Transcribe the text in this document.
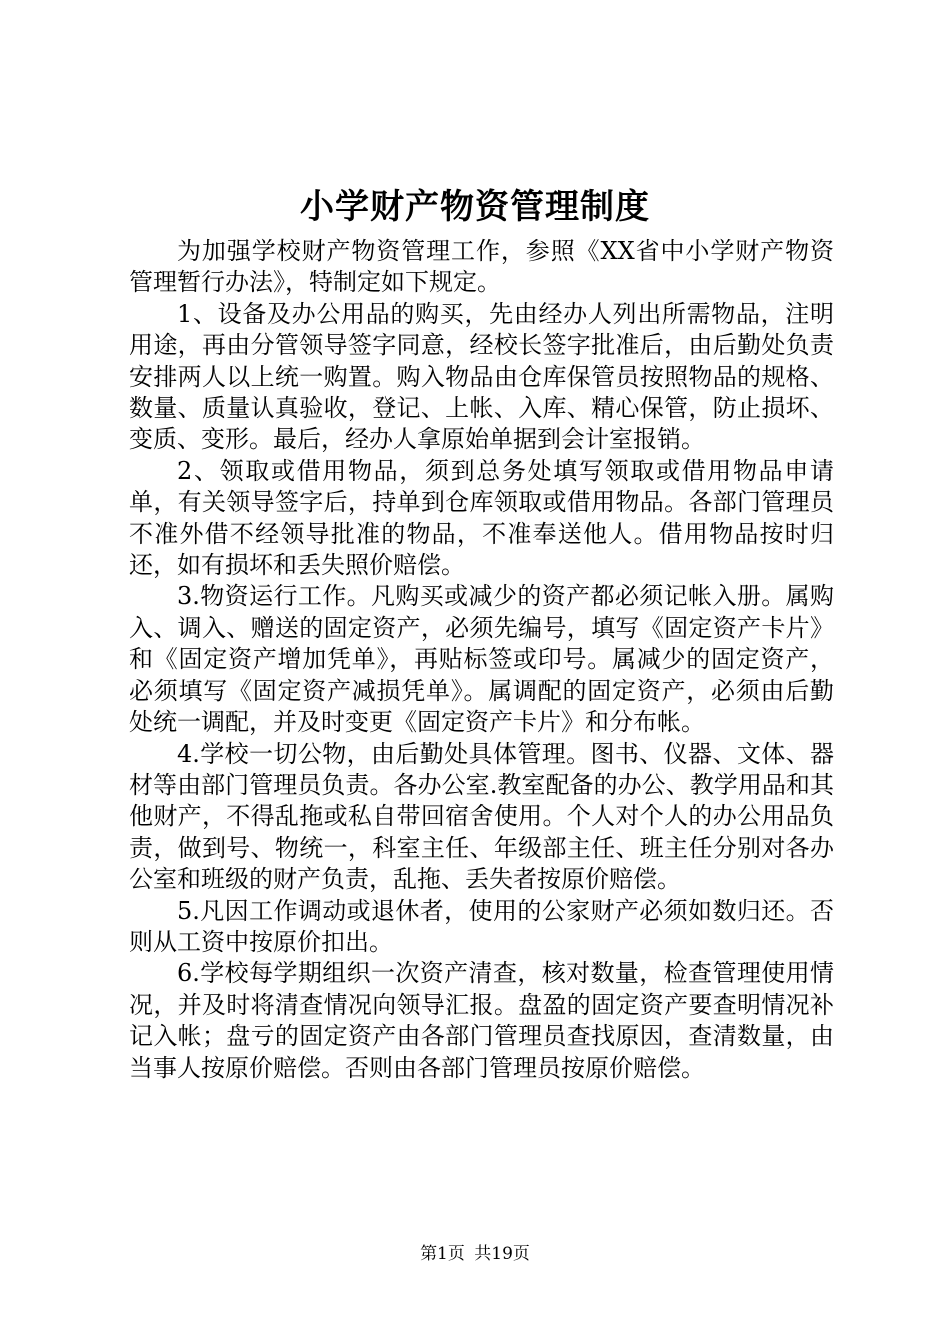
小学财产物资管理制度

为加强学校财产物资管理工作，参照《XX省中小学财产物资管理暂行办法》，特制定如下规定。

1、设备及办公用品的购买，先由经办人列出所需物品，注明用途，再由分管领导签字同意，经校长签字批准后，由后勤处负责安排两人以上统一购置。购入物品由仓库保管员按照物品的规格、数量、质量认真验收，登记、上帐、入库、精心保管，防止损坏、变质、变形。最后，经办人拿原始单据到会计室报销。

2、领取或借用物品，须到总务处填写领取或借用物品申请单，有关领导签字后，持单到仓库领取或借用物品。各部门管理员不准外借不经领导批准的物品，不准奉送他人。借用物品按时归还，如有损坏和丢失照价赔偿。

3.物资运行工作。凡购买或减少的资产都必须记帐入册。属购入、调入、赠送的固定资产，必须先编号，填写《固定资产卡片》和《固定资产增加凭单》，再贴标签或印号。属减少的固定资产，必须填写《固定资产减损凭单》。属调配的固定资产，必须由后勤处统一调配，并及时变更《固定资产卡片》和分布帐。

4.学校一切公物，由后勤处具体管理。图书、仪器、文体、器材等由部门管理员负责。各办公室.教室配备的办公、教学用品和其他财产，不得乱拖或私自带回宿舍使用。个人对个人的办公用品负责，做到号、物统一，科室主任、年级部主任、班主任分别对各办公室和班级的财产负责，乱拖、丢失者按原价赔偿。

5.凡因工作调动或退休者，使用的公家财产必须如数归还。否则从工资中按原价扣出。

6.学校每学期组织一次资产清查，核对数量，检查管理使用情况，并及时将清查情况向领导汇报。盘盈的固定资产要查明情况补记入帐；盘亏的固定资产由各部门管理员查找原因，查清数量，由当事人按原价赔偿。否则由各部门管理员按原价赔偿。

第1页 共19页
